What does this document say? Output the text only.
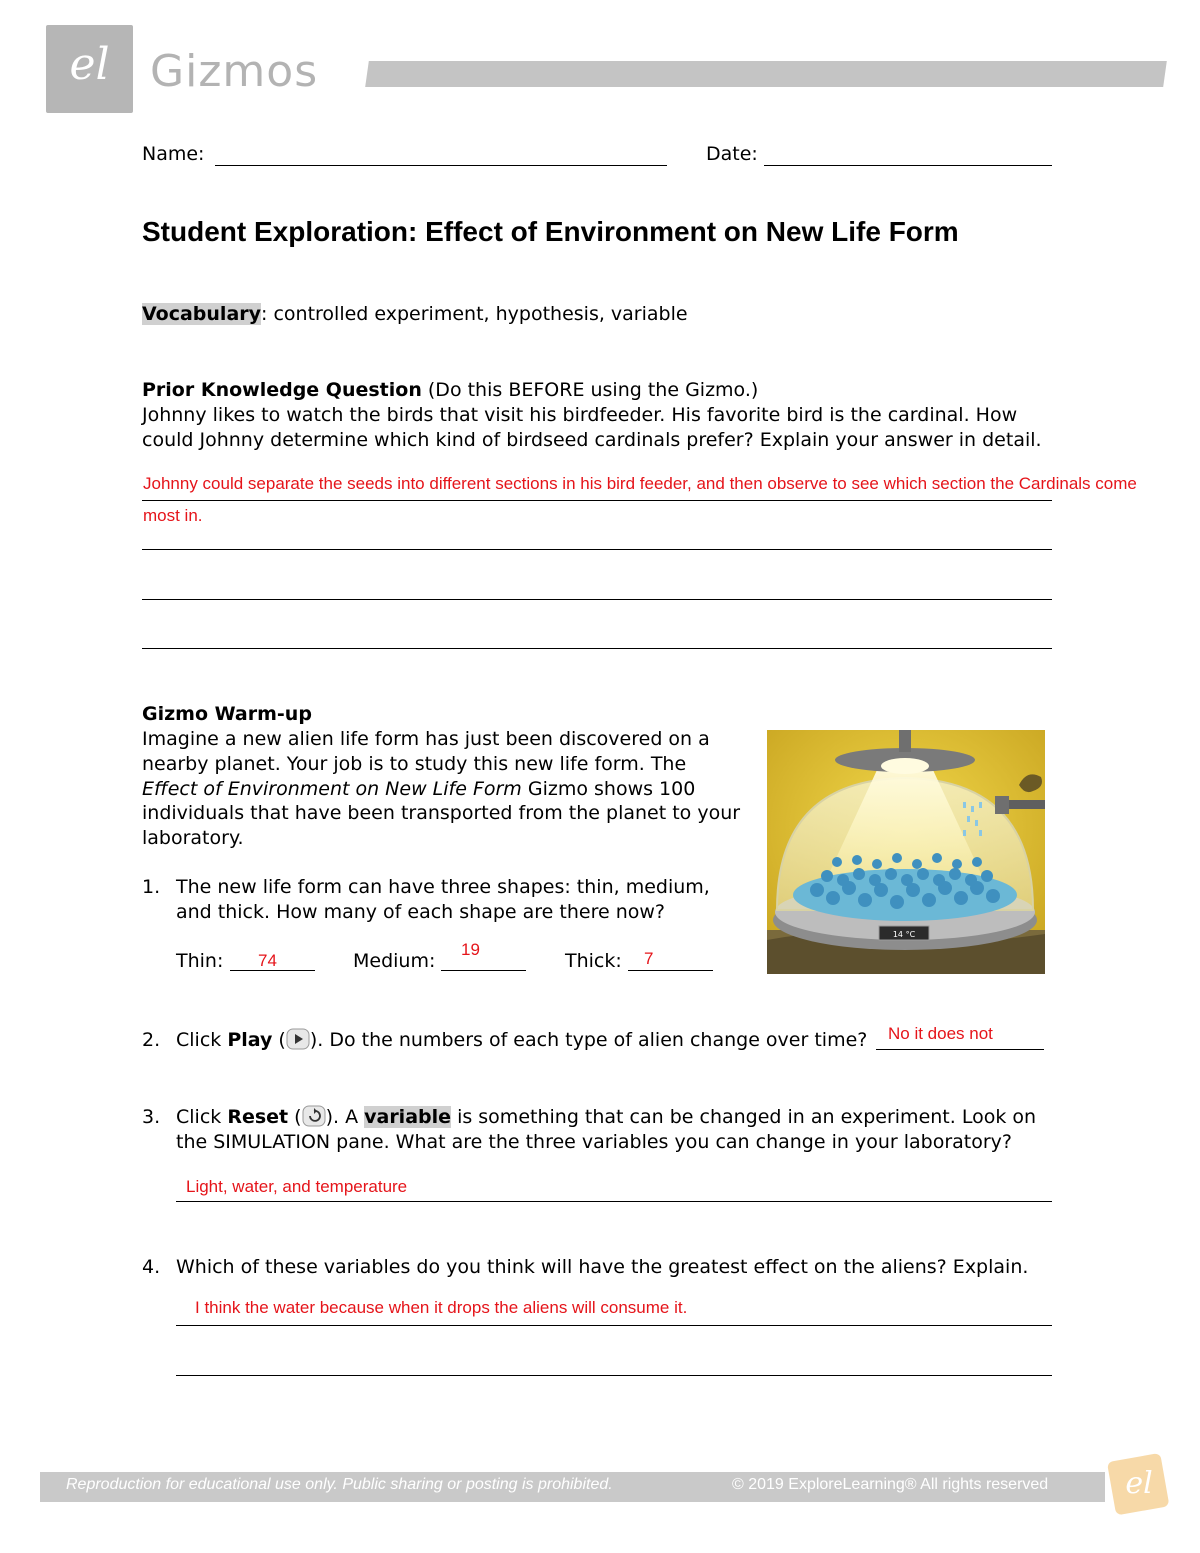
el Gizmos
Name:	Date:
Student Exploration: Effect of Environment on New Life Form
Vocabulary: controlled experiment, hypothesis, variable
Prior Knowledge Question (Do this BEFORE using the Gizmo.)
Johnny likes to watch the birds that visit his birdfeeder. His favorite bird is the cardinal. How
could Johnny determine which kind of birdseed cardinals prefer? Explain your answer in detail.
Johnny could separate the seeds into different sections in his bird feeder, and then observe to see which section the Cardinals come
most in.
Gizmo Warm-up
Imagine a new alien life form has just been discovered on a
nearby planet. Your job is to study this new life form. The
Effect of Environment on New Life Form Gizmo shows 100
individuals that have been transported from the planet to your
laboratory.
14 °C
1. The new life form can have three shapes: thin, medium,
and thick. How many of each shape are there now?
Thin: 74	Medium:
19
Thick: 7
2. Click Play ( ). Do the numbers of each type of alien change over time? No it does not
3. Click Reset ( ). A variable is something that can be changed in an experiment. Look on
the SIMULATION pane. What are the three variables you can change in your laboratory?
Light, water, and temperature
4. Which of these variables do you think will have the greatest effect on the aliens? Explain.
I think the water because when it drops the aliens will consume it.
Reproduction for educational use only. Public sharing or posting is prohibited.	© 2019 ExploreLearning® All rights reserved	el
